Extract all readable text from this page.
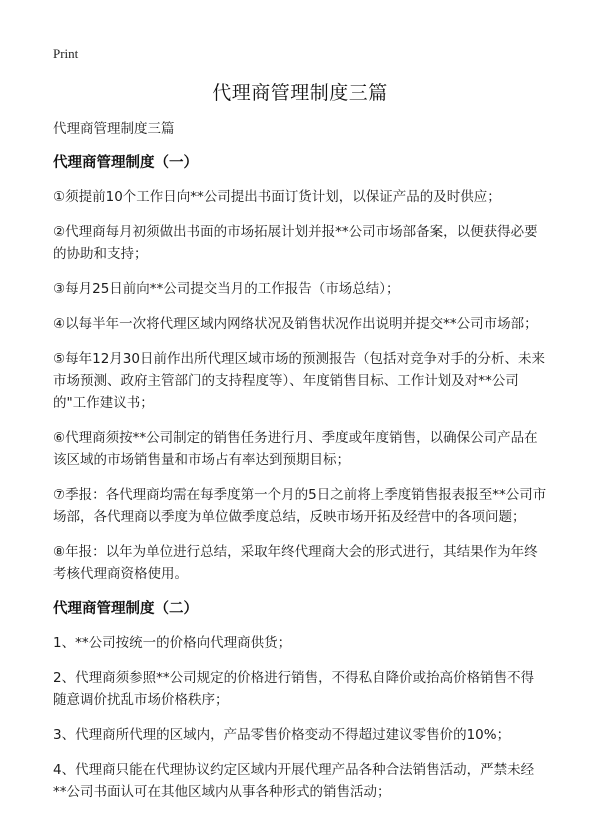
Print
代理商管理制度三篇
代理商管理制度三篇
代理商管理制度（一）
①须提前10个工作日向**公司提出书面订货计划，以保证产品的及时供应；
②代理商每月初须做出书面的市场拓展计划并报**公司市场部备案，以便获得必要的协助和支持；
③每月25日前向**公司提交当月的工作报告（市场总结）；
④以每半年一次将代理区域内网络状况及销售状况作出说明并提交**公司市场部；
⑤每年12月30日前作出所代理区域市场的预测报告（包括对竞争对手的分析、未来市场预测、政府主管部门的支持程度等）、年度销售目标、工作计划及对**公司的"工作建议书；
⑥代理商须按**公司制定的销售任务进行月、季度或年度销售，以确保公司产品在该区域的市场销售量和市场占有率达到预期目标；
⑦季报：各代理商均需在每季度第一个月的5日之前将上季度销售报表报至**公司市场部，各代理商以季度为单位做季度总结，反映市场开拓及经营中的各项问题；
⑧年报：以年为单位进行总结，采取年终代理商大会的形式进行，其结果作为年终考核代理商资格使用。
代理商管理制度（二）
1、**公司按统一的价格向代理商供货；
2、代理商须参照**公司规定的价格进行销售，不得私自降价或抬高价格销售不得随意调价扰乱市场价格秩序；
3、代理商所代理的区域内，产品零售价格变动不得超过建议零售价的10%；
4、代理商只能在代理协议约定区域内开展代理产品各种合法销售活动，严禁未经**公司书面认可在其他区域内从事各种形式的销售活动；
